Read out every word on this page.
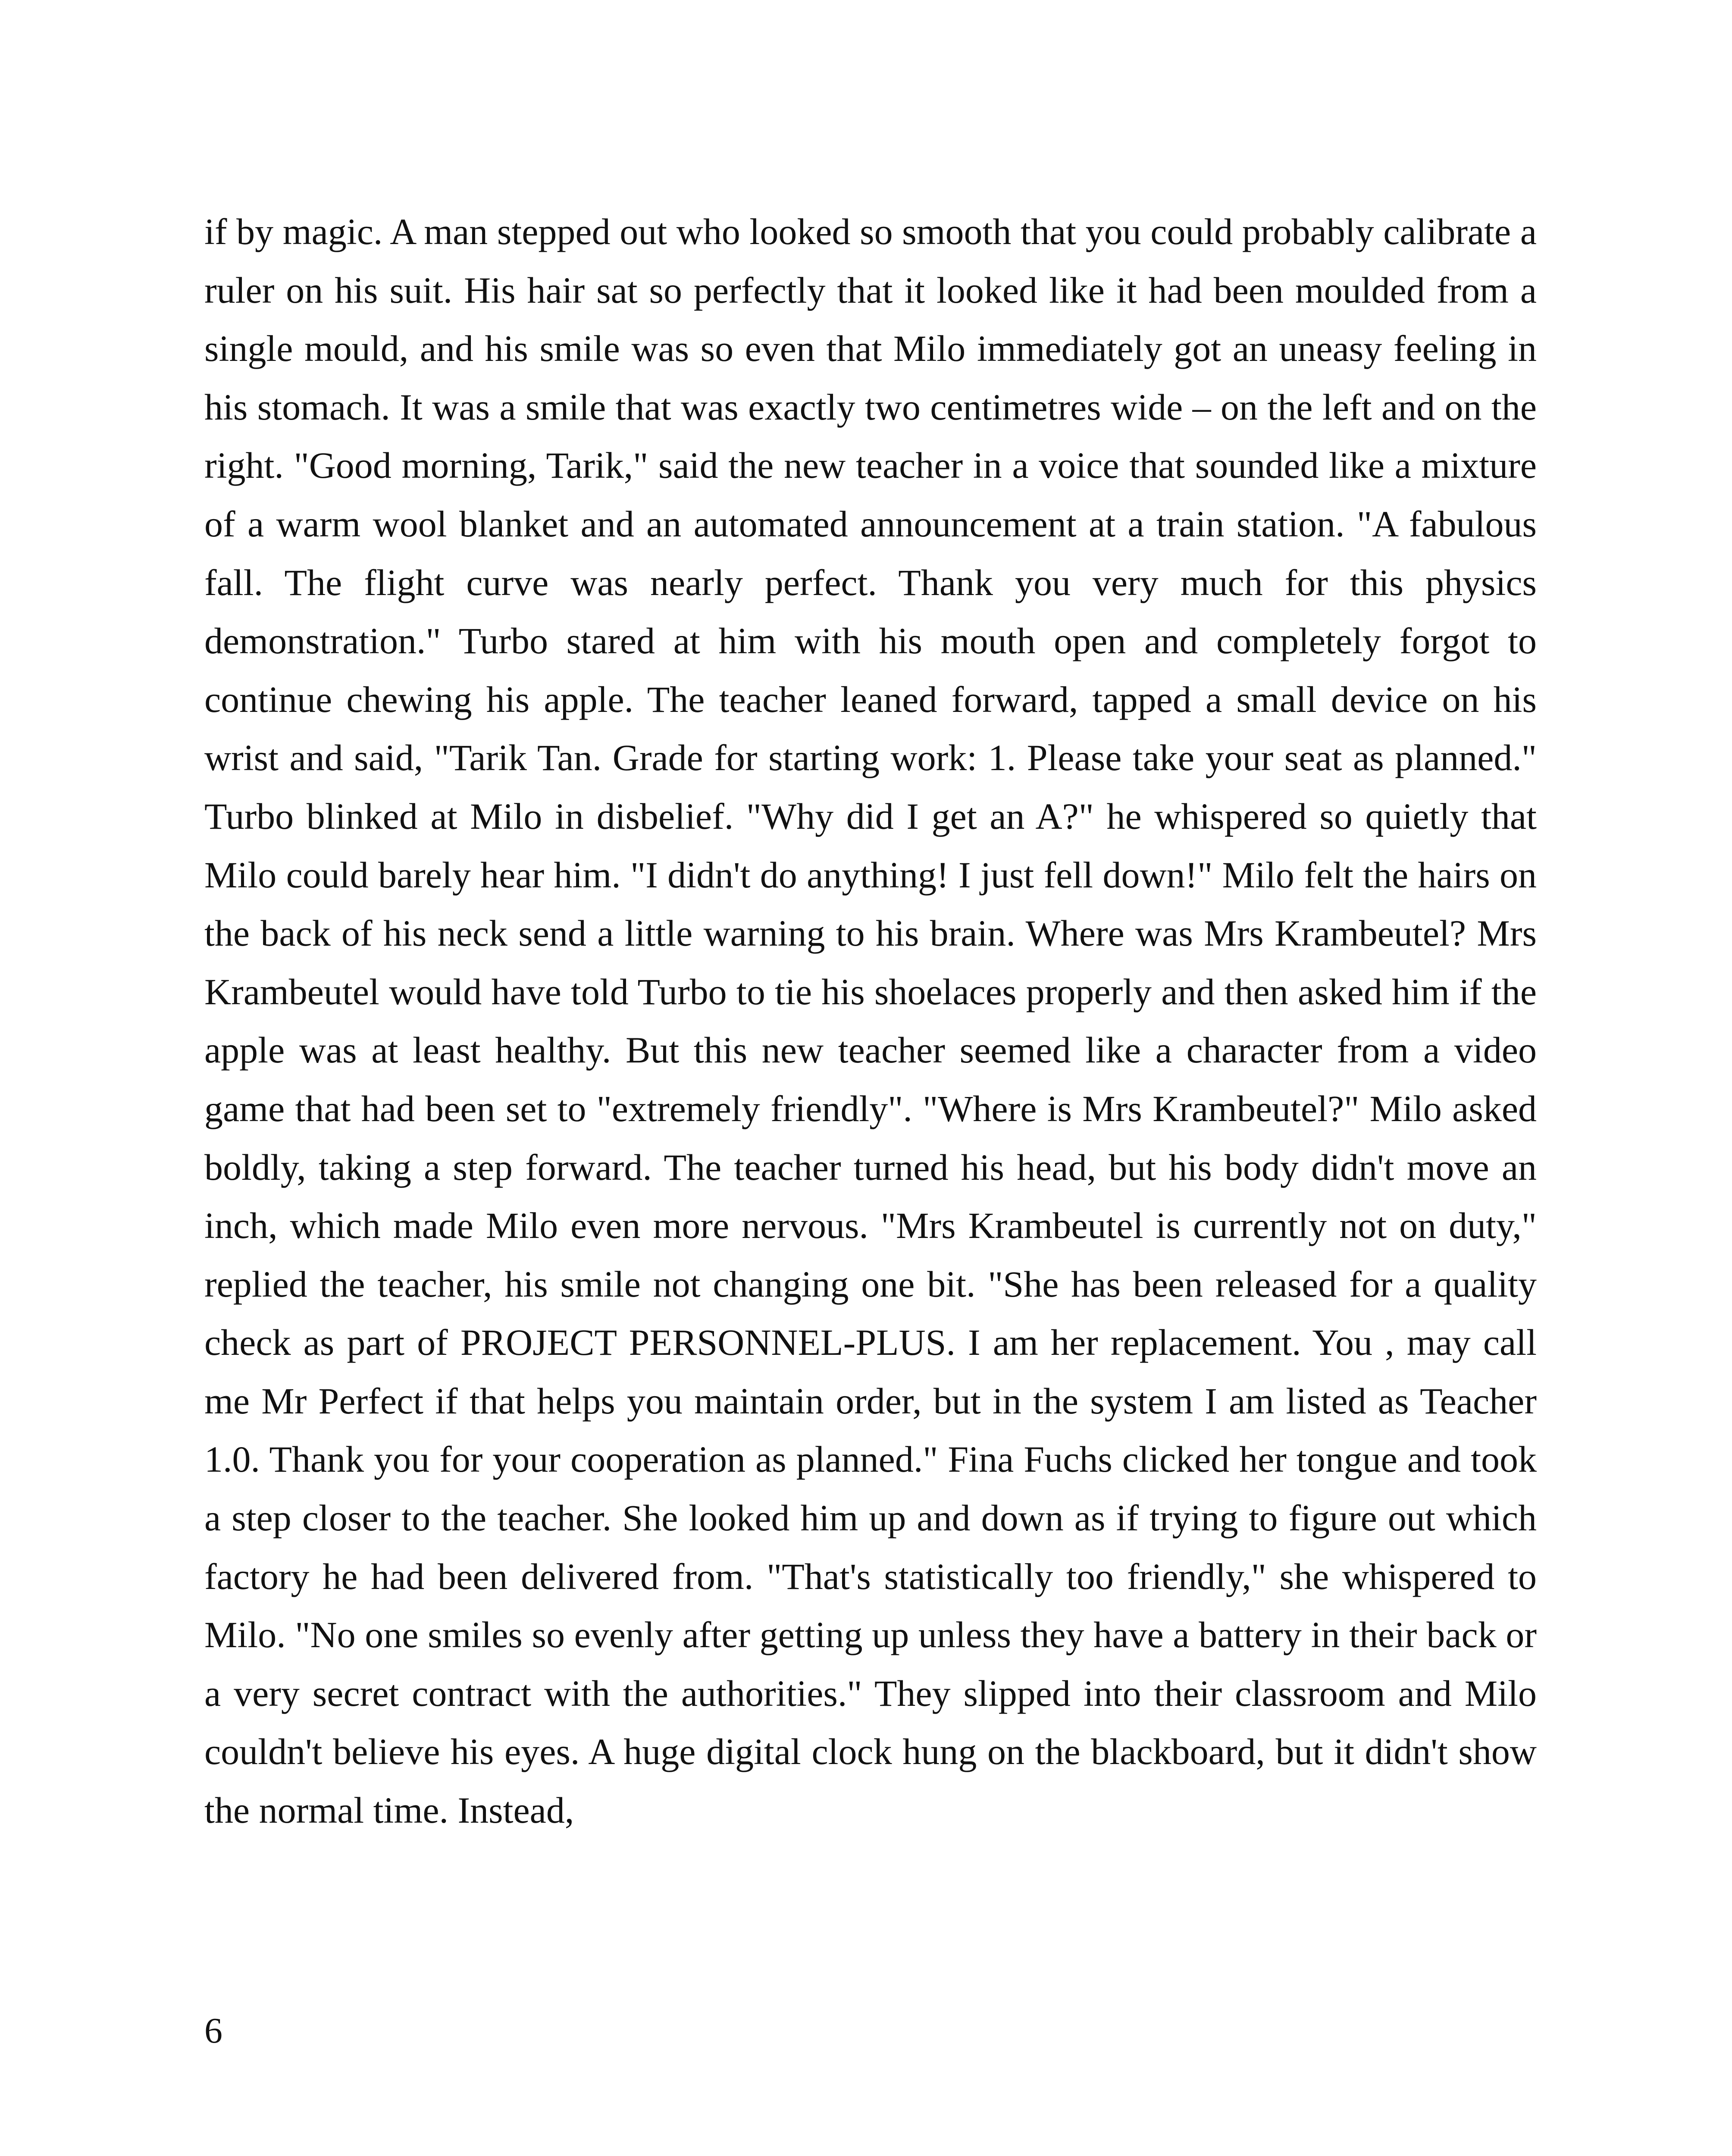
if by magic. A man stepped out who looked so smooth that you could probably calibrate a ruler on his suit. His hair sat so perfectly that it looked like it had been moulded from a single mould, and his smile was so even that Milo immediately got an uneasy feeling in his stomach. It was a smile that was exactly two centimetres wide – on the left and on the right. "Good morning, Tarik," said the new teacher in a voice that sounded like a mixture of a warm wool blanket and an automated announcement at a train station. "A fabulous fall. The flight curve was nearly perfect. Thank you very much for this physics demonstration." Turbo stared at him with his mouth open and completely forgot to continue chewing his apple. The teacher leaned forward, tapped a small device on his wrist and said, "Tarik Tan. Grade for starting work: 1. Please take your seat as planned." Turbo blinked at Milo in disbelief. "Why did I get an A?" he whispered so quietly that Milo could barely hear him. "I didn't do anything! I just fell down!" Milo felt the hairs on the back of his neck send a little warning to his brain. Where was Mrs Krambeutel? Mrs Krambeutel would have told Turbo to tie his shoelaces properly and then asked him if the apple was at least healthy. But this new teacher seemed like a character from a video game that had been set to "extremely friendly". "Where is Mrs Krambeutel?" Milo asked boldly, taking a step forward. The teacher turned his head, but his body didn't move an inch, which made Milo even more nervous. "Mrs Krambeutel is currently not on duty," replied the teacher, his smile not changing one bit. "She has been released for a quality check as part of PROJECT PERSONNEL-PLUS. I am her replacement. You , may call me Mr Perfect if that helps you maintain order, but in the system I am listed as Teacher 1.0. Thank you for your cooperation as planned." Fina Fuchs clicked her tongue and took a step closer to the teacher. She looked him up and down as if trying to figure out which factory he had been delivered from. "That's statistically too friendly," she whispered to Milo. "No one smiles so evenly after getting up unless they have a battery in their back or a very secret contract with the authorities." They slipped into their classroom and Milo couldn't believe his eyes. A huge digital clock hung on the blackboard, but it didn't show the normal time. Instead,

6
